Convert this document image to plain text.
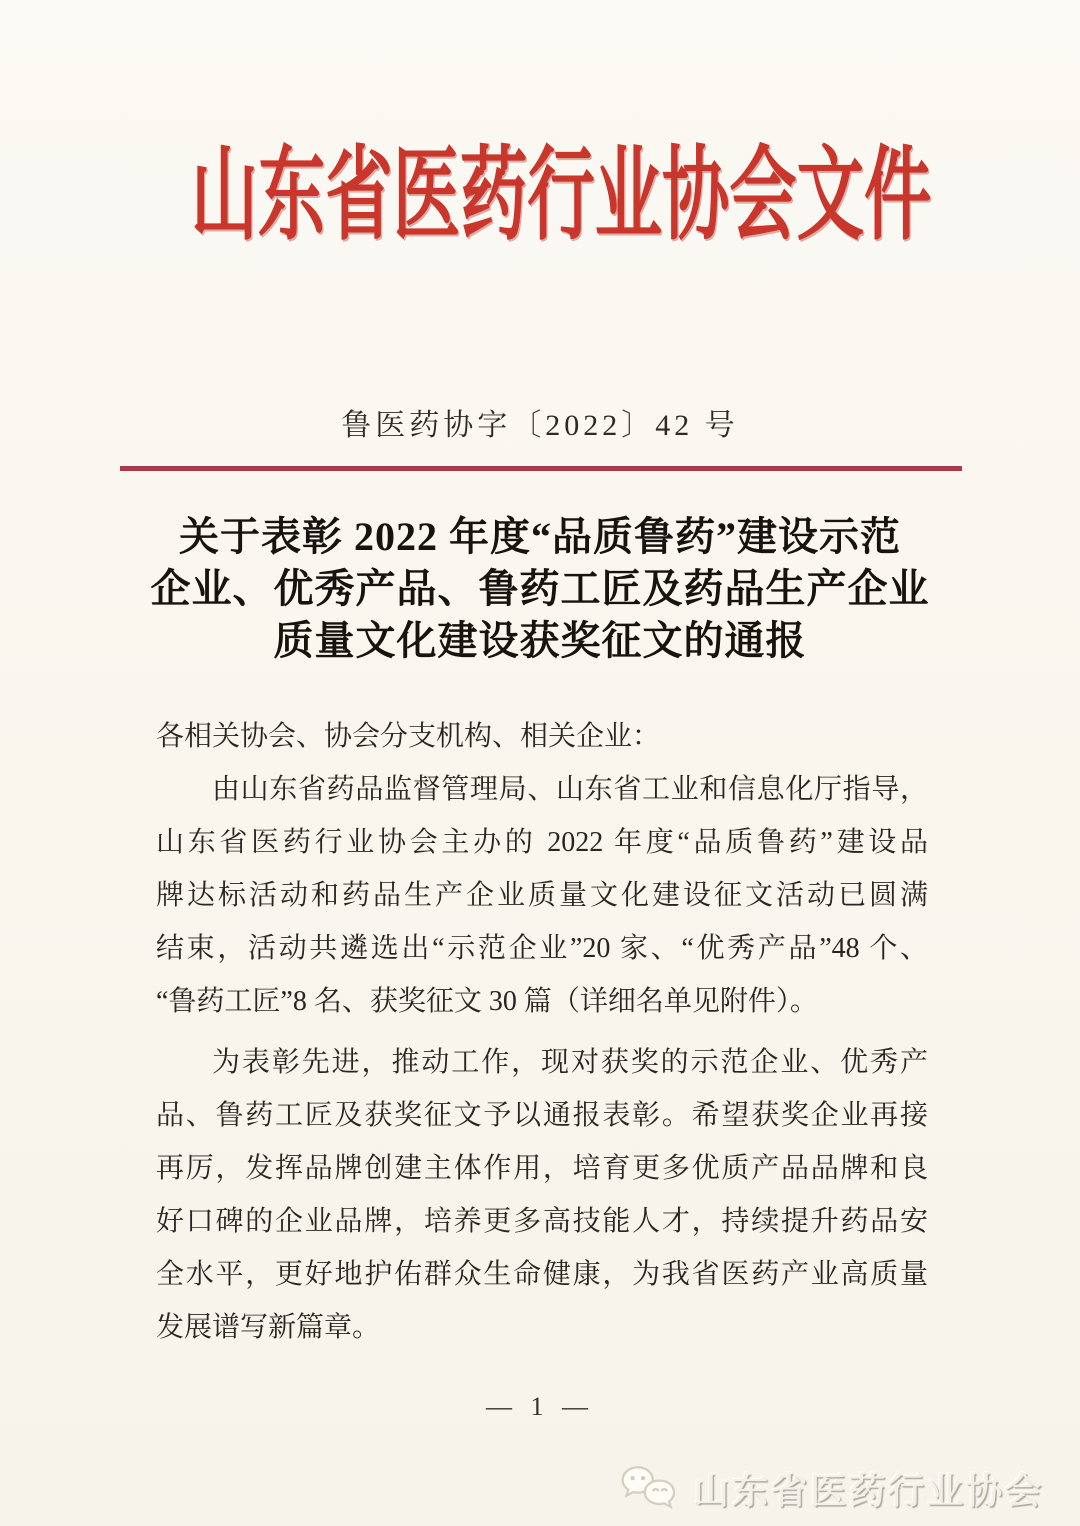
山东省医药行业协会文件
鲁医药协字〔2022〕42 号
关于表彰 2022 年度“品质鲁药”建设示范
企业、优秀产品、鲁药工匠及药品生产企业
质量文化建设获奖征文的通报
各相关协会、协会分支机构、相关企业：
由山东省药品监督管理局、山东省工业和信息化厅指导，
山东省医药行业协会主办的 2022 年度“品质鲁药”建设品
牌达标活动和药品生产企业质量文化建设征文活动已圆满
结束，活动共遴选出“示范企业”20 家、“优秀产品”48 个、
“鲁药工匠”8 名、获奖征文 30 篇（详细名单见附件）。
为表彰先进，推动工作，现对获奖的示范企业、优秀产
品、鲁药工匠及获奖征文予以通报表彰。希望获奖企业再接
再厉，发挥品牌创建主体作用，培育更多优质产品品牌和良
好口碑的企业品牌，培养更多高技能人才，持续提升药品安
全水平，更好地护佑群众生命健康，为我省医药产业高质量
发展谱写新篇章。
— 1 —
山东省医药行业协会
